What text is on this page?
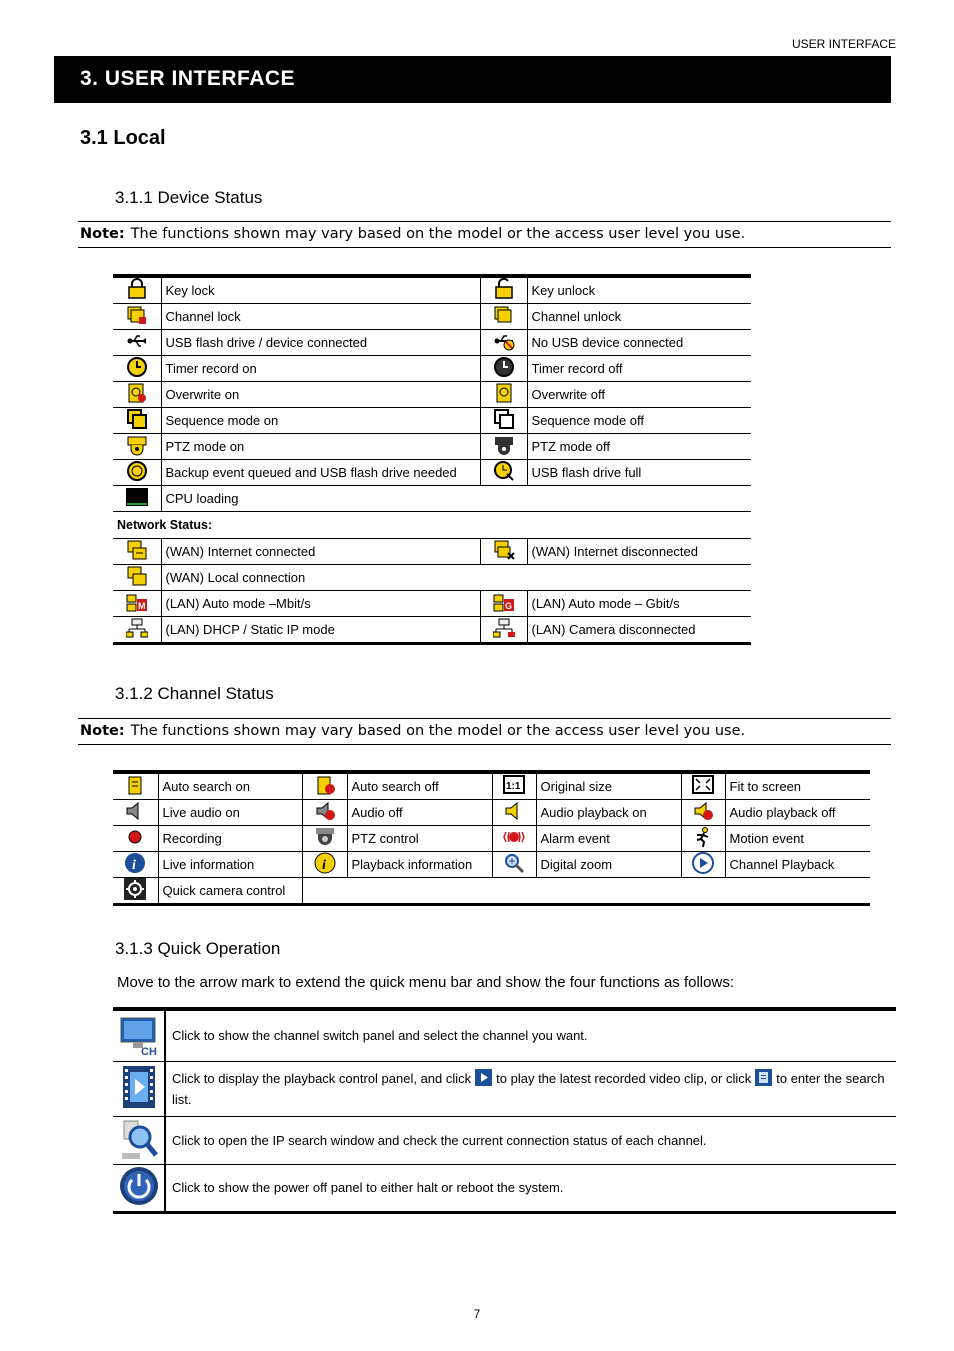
USER INTERFACE
3. USER INTERFACE
3.1 Local
3.1.1 Device Status
Note: The functions shown may vary based on the model or the access user level you use.
	Key lock		Key unlock
	Channel lock		Channel unlock
	USB flash drive / device connected		No USB device connected
	Timer record on		Timer record off
	Overwrite on		Overwrite off
	Sequence mode on		Sequence mode off
	PTZ mode on		PTZ mode off
	Backup event queued and USB flash drive needed		USB flash drive full
	CPU loading		
Network Status:			
	(WAN) Internet connected		(WAN) Internet disconnected
	(WAN) Local connection		

M	(LAN) Auto mode –Mbit/s	G	(LAN) Auto mode – Gbit/s
	(LAN) DHCP / Static IP mode		(LAN) Camera disconnected
3.1.2 Channel Status
Note: The functions shown may vary based on the model or the access user level you use.
	Auto search on		Auto search off	1:1	Original size		Fit to screen
	Live audio on		Audio off		Audio playback on		Audio playback off
	Recording		PTZ control		Alarm event		Motion event

i	Live information	i	Playback information		Digital zoom		Channel Playback
	Quick camera control						
3.1.3 Quick Operation
Move to the arrow mark to extend the quick menu bar and show the four functions as follows:
CH	Click to show the channel switch panel and select the channel you want.
	Click to display the playback control panel, and click to play the latest recorded video clip, or click to enter the search list.
	Click to open the IP search window and check the current connection status of each channel.
	Click to show the power off panel to either halt or reboot the system.
7
